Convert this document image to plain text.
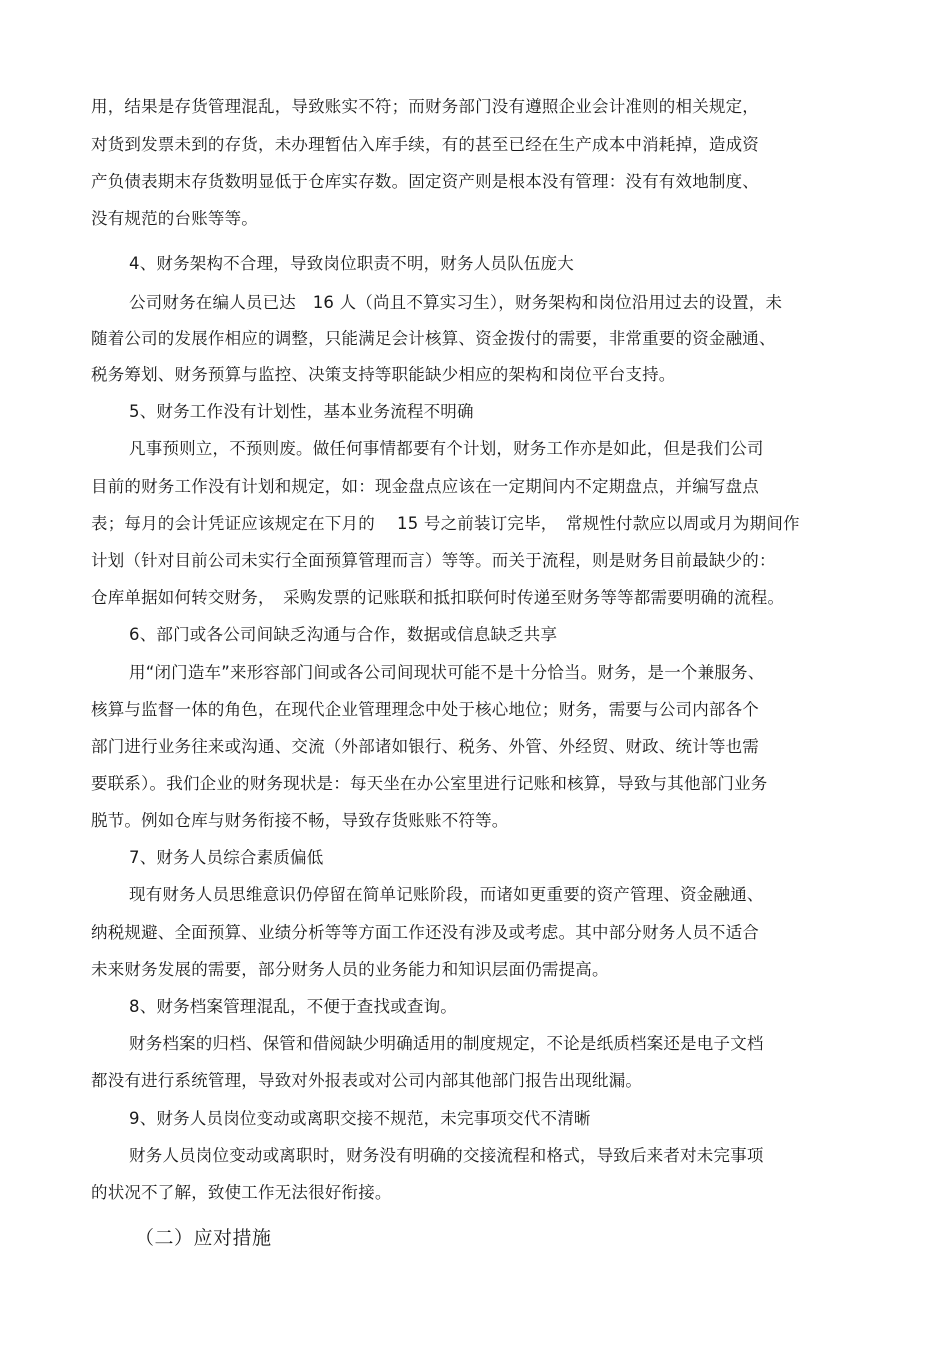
用，结果是存货管理混乱，导致账实不符；而财务部门没有遵照企业会计准则的相关规定，
对货到发票未到的存货，未办理暂估入库手续，有的甚至已经在生产成本中消耗掉，造成资
产负债表期末存货数明显低于仓库实存数。固定资产则是根本没有管理：没有有效地制度、
没有规范的台账等等。
4、财务架构不合理，导致岗位职责不明，财务人员队伍庞大
公司财务在编人员已达　16 人（尚且不算实习生），财务架构和岗位沿用过去的设置，未
随着公司的发展作相应的调整，只能满足会计核算、资金拨付的需要，非常重要的资金融通、
税务筹划、财务预算与监控、决策支持等职能缺少相应的架构和岗位平台支持。
5、财务工作没有计划性，基本业务流程不明确
凡事预则立，不预则废。做任何事情都要有个计划，财务工作亦是如此，但是我们公司
目前的财务工作没有计划和规定，如：现金盘点应该在一定期间内不定期盘点，并编写盘点
表；每月的会计凭证应该规定在下月的　 15 号之前装订完毕，　常规性付款应以周或月为期间作
计划（针对目前公司未实行全面预算管理而言）等等。而关于流程，则是财务目前最缺少的：
仓库单据如何转交财务，　采购发票的记账联和抵扣联何时传递至财务等等都需要明确的流程。
6、部门或各公司间缺乏沟通与合作，数据或信息缺乏共享
用“闭门造车”来形容部门间或各公司间现状可能不是十分恰当。财务，是一个兼服务、
核算与监督一体的角色，在现代企业管理理念中处于核心地位；财务，需要与公司内部各个
部门进行业务往来或沟通、交流（外部诸如银行、税务、外管、外经贸、财政、统计等也需
要联系）。我们企业的财务现状是：每天坐在办公室里进行记账和核算，导致与其他部门业务
脱节。例如仓库与财务衔接不畅，导致存货账账不符等。
7、财务人员综合素质偏低
现有财务人员思维意识仍停留在简单记账阶段，而诸如更重要的资产管理、资金融通、
纳税规避、全面预算、业绩分析等等方面工作还没有涉及或考虑。其中部分财务人员不适合
未来财务发展的需要，部分财务人员的业务能力和知识层面仍需提高。
8、财务档案管理混乱，不便于查找或查询。
财务档案的归档、保管和借阅缺少明确适用的制度规定，不论是纸质档案还是电子文档
都没有进行系统管理，导致对外报表或对公司内部其他部门报告出现纰漏。
9、财务人员岗位变动或离职交接不规范，未完事项交代不清晰
财务人员岗位变动或离职时，财务没有明确的交接流程和格式，导致后来者对未完事项
的状况不了解，致使工作无法很好衔接。
（二）应对措施
